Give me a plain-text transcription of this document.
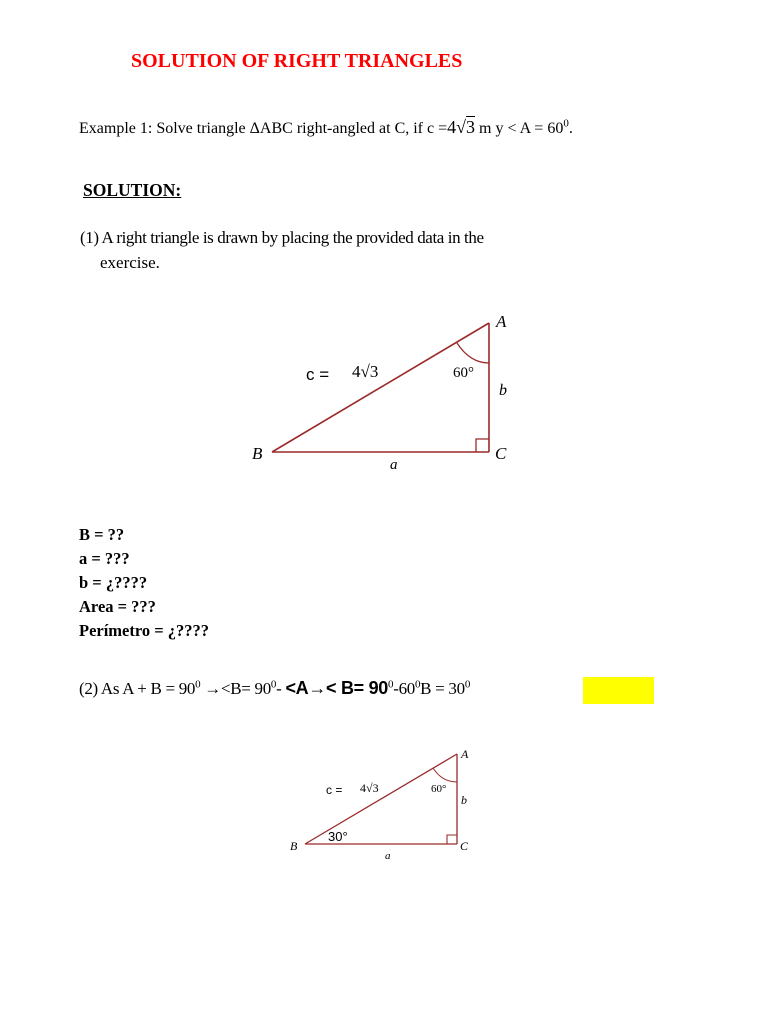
SOLUTION OF RIGHT TRIANGLES
Example 1: Solve triangle ΔABC right-angled at C, if c =4√3 m $y < A = 60^0$.
SOLUTION:
(1) A right triangle is drawn by placing the provided data in the
exercise.
c = 4√3	60°
A
b
B	C
a
B = ??
a = ???
b = ¿????
Area = ???
Perímetro = ¿????
(2) As $A + B = 90^0 \to<B= 90^0- <A\to< B= 90^0-60^0B = 30^0$
c = 4√3	60°
30°
A
b
B	C
a
